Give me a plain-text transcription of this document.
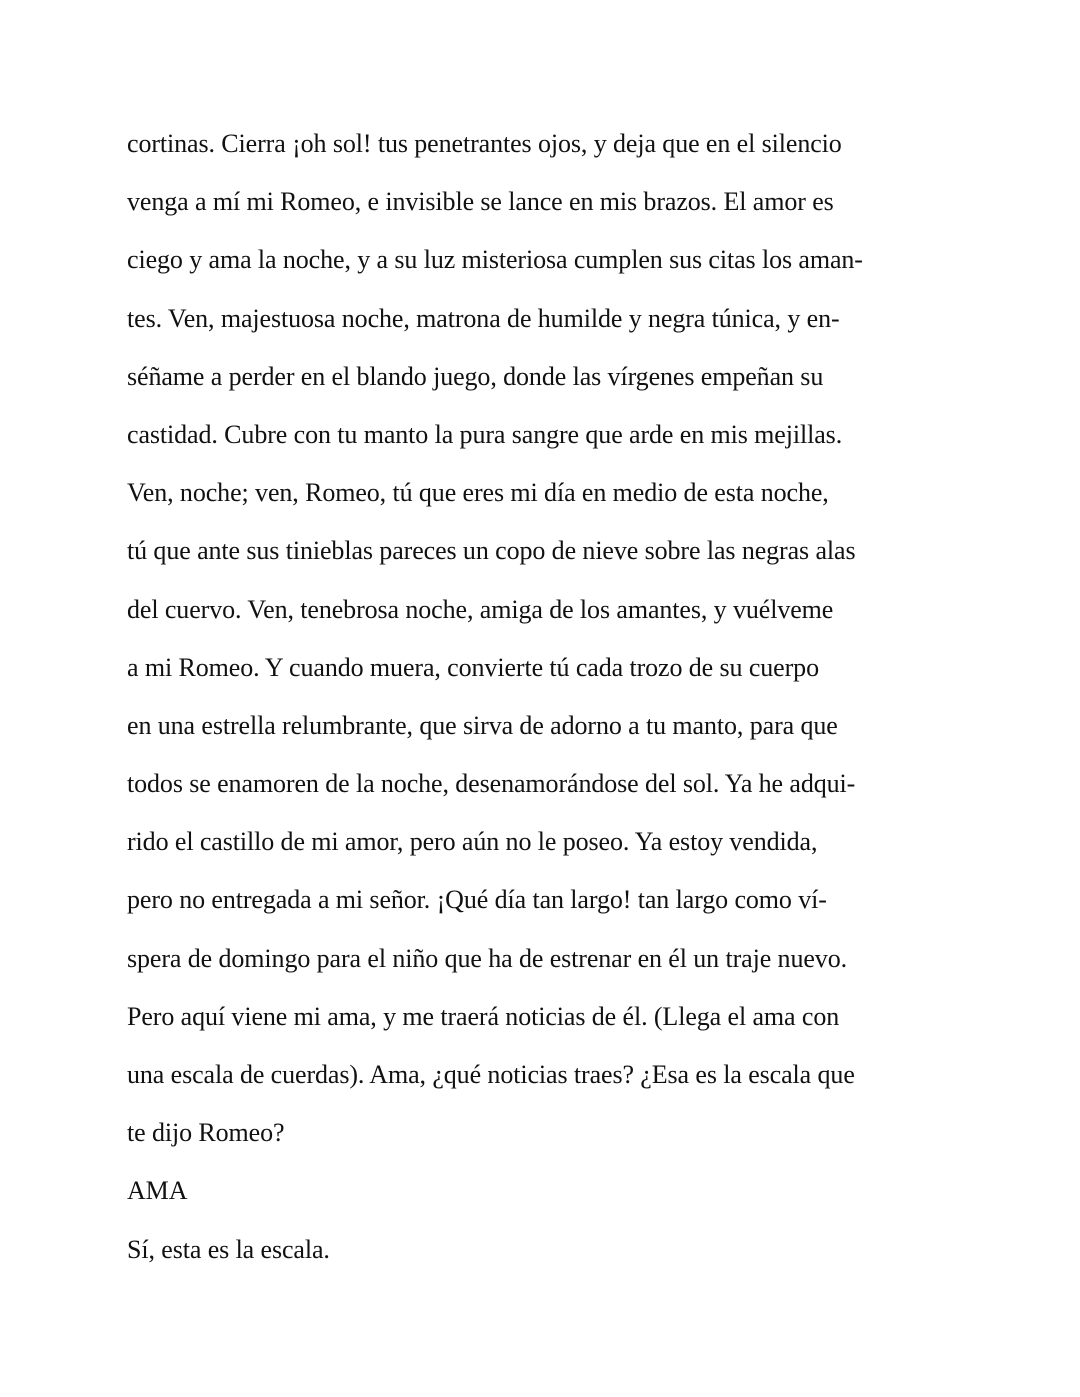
cortinas. Cierra ¡oh sol! tus penetrantes ojos, y deja que en el silencio
venga a mí mi Romeo, e invisible se lance en mis brazos. El amor es
ciego y ama la noche, y a su luz misteriosa cumplen sus citas los aman-
tes. Ven, majestuosa noche, matrona de humilde y negra túnica, y en-
séñame a perder en el blando juego, donde las vírgenes empeñan su
castidad. Cubre con tu manto la pura sangre que arde en mis mejillas.
Ven, noche; ven, Romeo, tú que eres mi día en medio de esta noche,
tú que ante sus tinieblas pareces un copo de nieve sobre las negras alas
del cuervo. Ven, tenebrosa noche, amiga de los amantes, y vuélveme
a mi Romeo. Y cuando muera, convierte tú cada trozo de su cuerpo
en una estrella relumbrante, que sirva de adorno a tu manto, para que
todos se enamoren de la noche, desenamorándose del sol. Ya he adqui-
rido el castillo de mi amor, pero aún no le poseo. Ya estoy vendida,
pero no entregada a mi señor. ¡Qué día tan largo! tan largo como ví-
spera de domingo para el niño que ha de estrenar en él un traje nuevo.
Pero aquí viene mi ama, y me traerá noticias de él. (Llega el ama con
una escala de cuerdas). Ama, ¿qué noticias traes? ¿Esa es la escala que
te dijo Romeo?
AMA
Sí, esta es la escala.
